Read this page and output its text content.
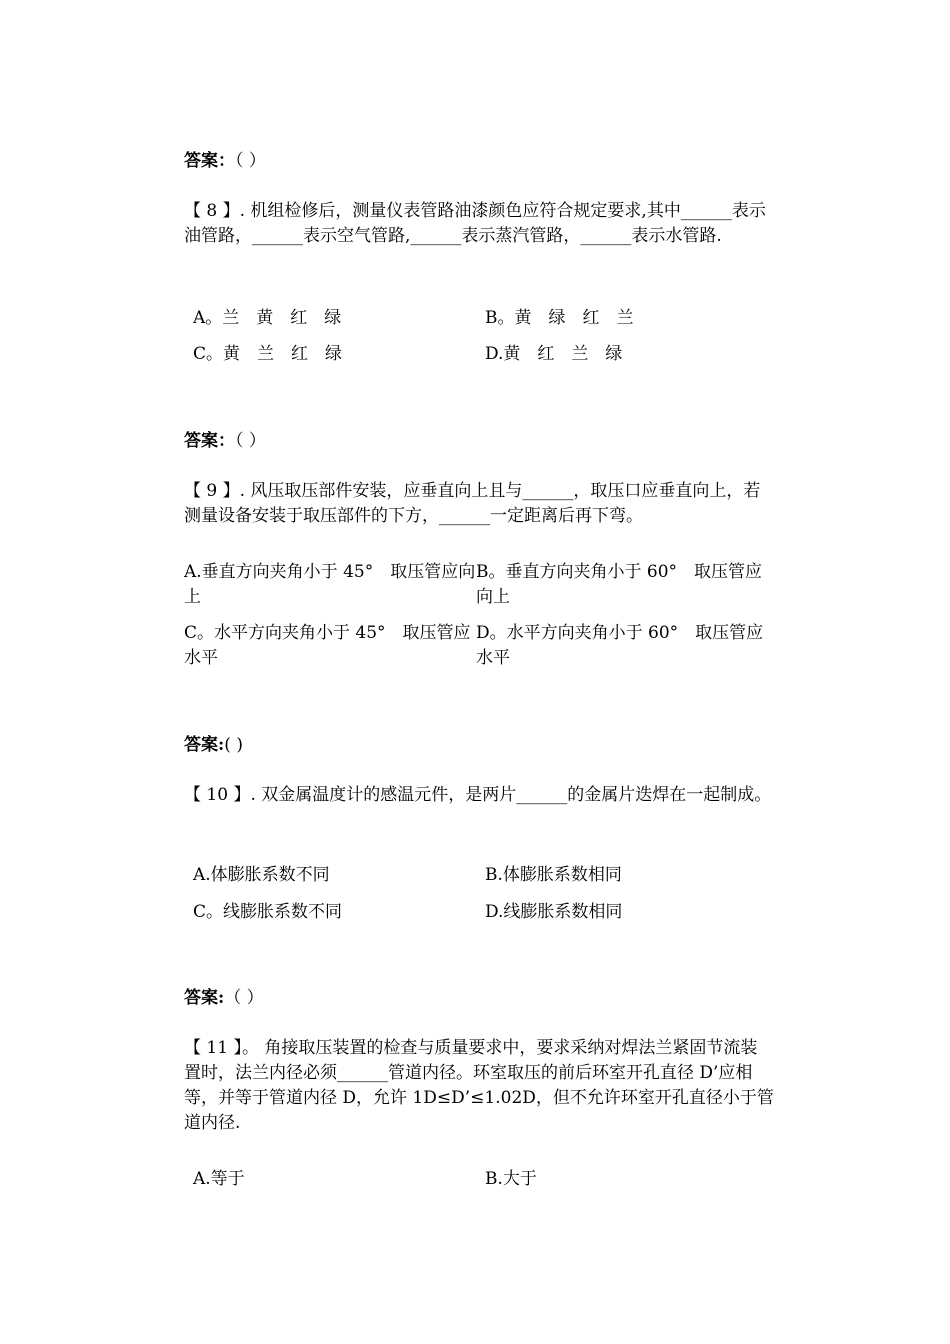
答案：（ ）
【 8 】. 机组检修后，测量仪表管路油漆颜色应符合规定要求,其中______表示油管路，______表示空气管路,______表示蒸汽管路，______表示水管路.
A。兰　黄　红　绿	B。黄　绿　红　兰
C。黄　兰　红　绿	D.黄　红　兰　绿
答案：（ ）
【 9 】. 风压取压部件安装，应垂直向上且与______，取压口应垂直向上，若测量设备安装于取压部件的下方，______一定距离后再下弯。
A.垂直方向夹角小于 45°　取压管应向上
B。垂直方向夹角小于 60°　取压管应向上
C。水平方向夹角小于 45°　取压管应水平
D。水平方向夹角小于 60°　取压管应水平
答案:( )
【 10 】. 双金属温度计的感温元件，是两片______的金属片迭焊在一起制成。
A.体膨胀系数不同	B.体膨胀系数相同
C。线膨胀系数不同	D.线膨胀系数相同
答案:（ ）
【 11 】。 角接取压装置的检查与质量要求中，要求采纳对焊法兰紧固节流装置时，法兰内径必须______管道内径。环室取压的前后环室开孔直径 D’应相等，并等于管道内径 D，允许 1D≤D’≤1.02D，但不允许环室开孔直径小于管道内径.
A.等于	B.大于
